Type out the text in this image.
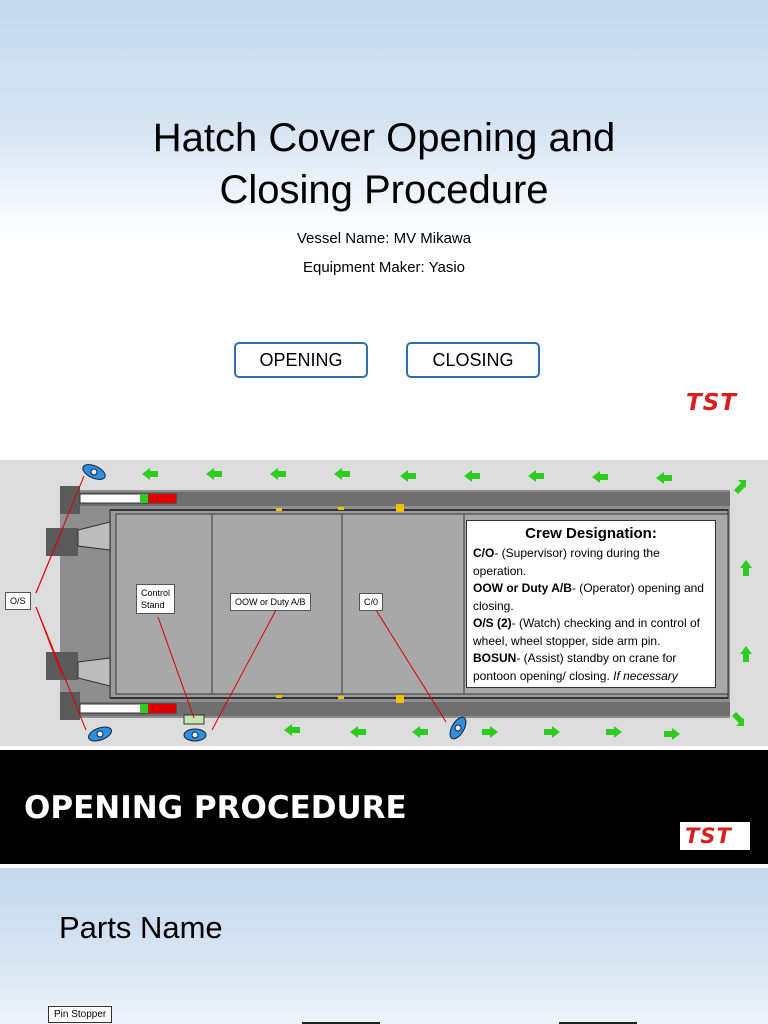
Hatch Cover Opening and
Closing Procedure
Vessel Name: MV Mikawa
Equipment Maker: Yasio
OPENING	CLOSING
TST
O/S
Control
Stand	OOW or Duty A/B	C/0
Crew Designation:
C/O- (Supervisor) roving during the operation.
OOW or Duty A/B- (Operator) opening and closing.
O/S (2)- (Watch) checking and in control of wheel, wheel stopper, side arm pin.
BOSUN- (Assist) standby on crane for pontoon opening/ closing. If necessary
OPENING PROCEDURE
TST
Parts Name
Pin Stopper
